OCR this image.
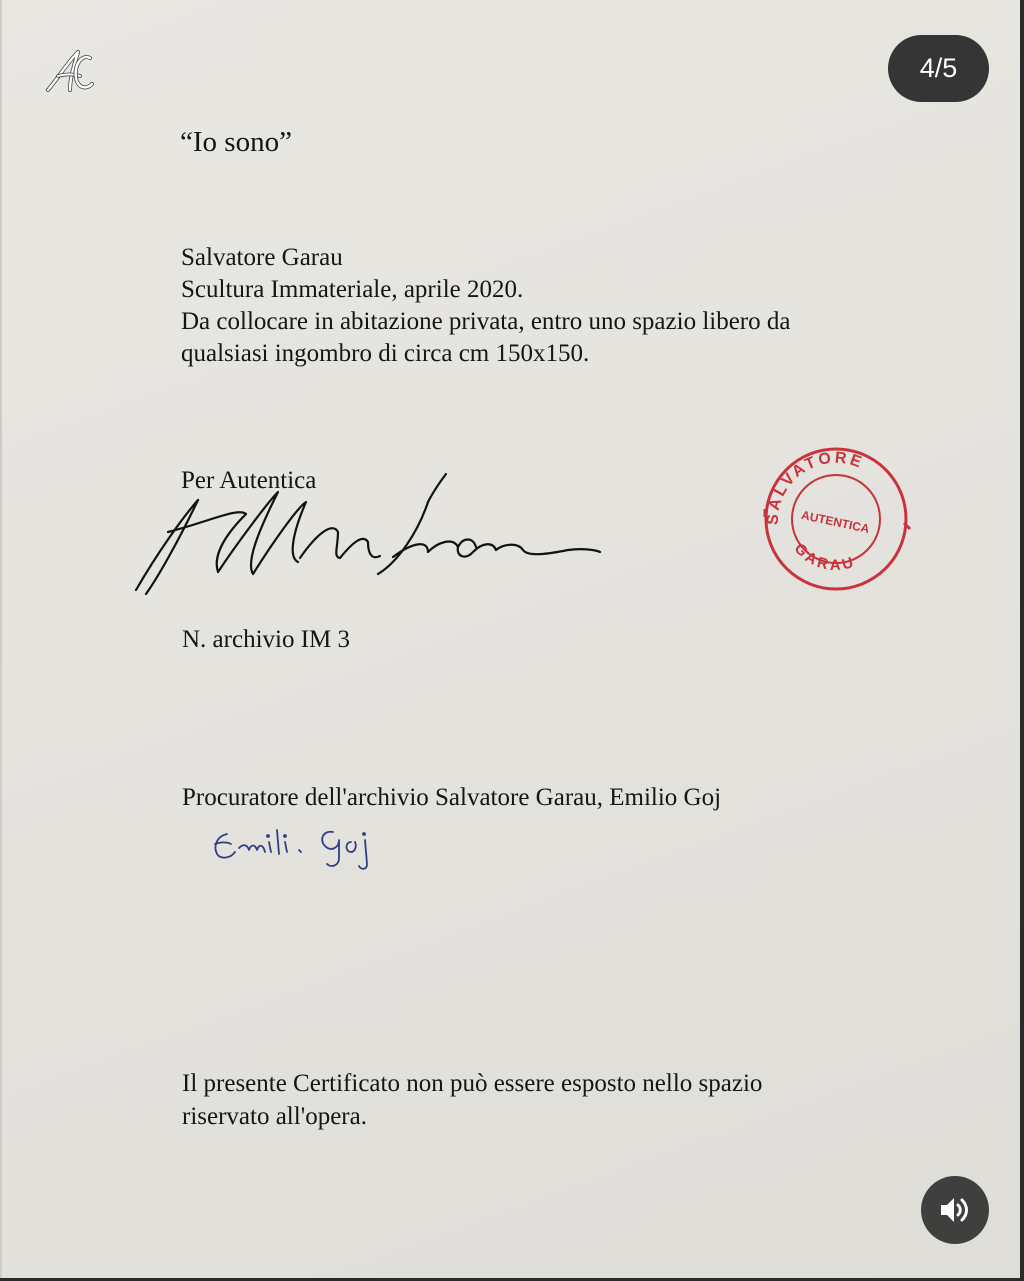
“Io sono”
Salvatore Garau
Scultura Immateriale, aprile 2020.
Da collocare in abitazione privata, entro uno spazio libero da
qualsiasi ingombro di circa cm 150x150.
Per Autentica
SALVATORE
AUTENTICA
GARAU
N. archivio IM 3
Procuratore dell'archivio Salvatore Garau, Emilio Goj
Il presente Certificato non può essere esposto nello spazio
riservato all'opera.
4/5
